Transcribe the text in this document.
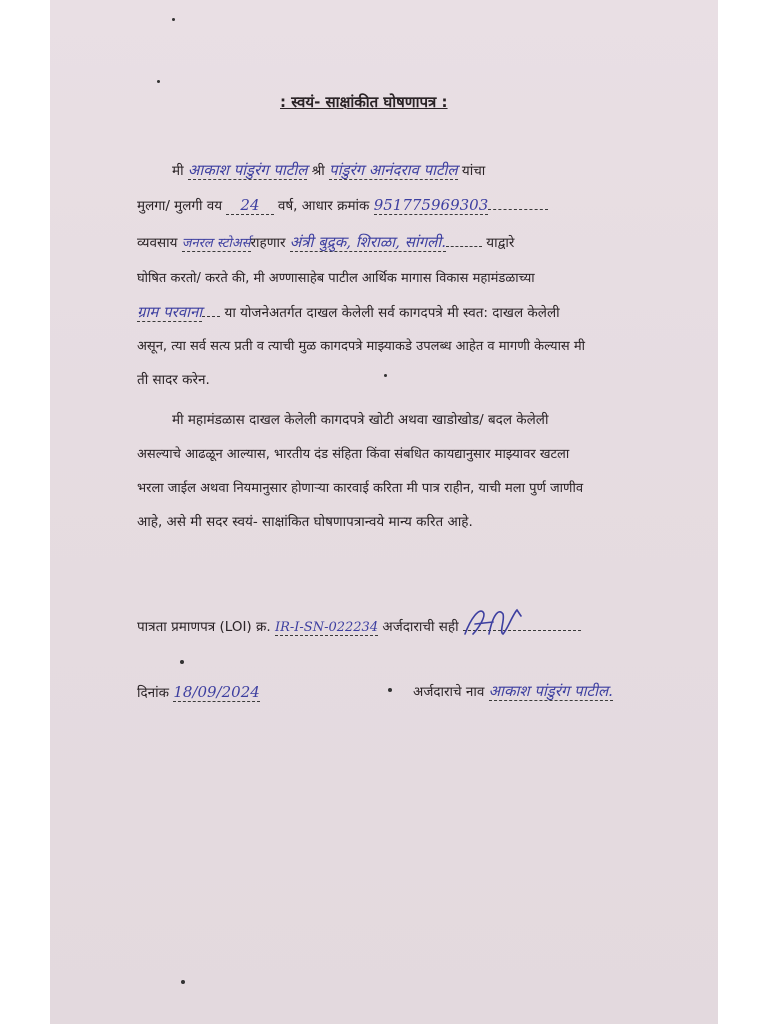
: स्वयं- साक्षांकीत घोषणापत्र :
मी आकाश पांडुरंग पाटील श्री पांडुरंग आनंदराव पाटील यांचा
मुलगा/ मुलगी वय 24 वर्ष, आधार क्रमांक 951775969303
व्यवसाय जनरल स्टोअर्सराहणार अंत्री बुद्रुक, शिराळा, सांगली.	याद्वारे
घोषित करतो/ करते की, मी अण्णासाहेब पाटील आर्थिक मागास विकास महामंडळाच्या
ग्राम परवाना या योजनेअतर्गत दाखल केलेली सर्व कागदपत्रे मी स्वत: दाखल केलेली
असून, त्या सर्व सत्य प्रती व त्याची मुळ कागदपत्रे माझ्याकडे उपलब्ध आहेत व मागणी केल्यास मी
ती सादर करेन.
मी महामंडळास दाखल केलेली कागदपत्रे खोटी अथवा खाडोखोड/ बदल केलेली
असल्याचे आढळून आल्यास, भारतीय दंड संहिता किंवा संबधित कायद्यानुसार माझ्यावर खटला
भरला जाईल अथवा नियमानुसार होणाऱ्या कारवाई करिता मी पात्र राहीन, याची मला पुर्ण जाणीव
आहे, असे मी सदर स्वयं- साक्षांकित घोषणापत्रान्वये मान्य करित आहे.
पात्रता प्रमाणपत्र (LOI) क्र. IR-I-SN-022234 अर्जदाराची सही
दिनांक 18/09/2024	अर्जदाराचे नाव आकाश पांडुरंग पाटील.
